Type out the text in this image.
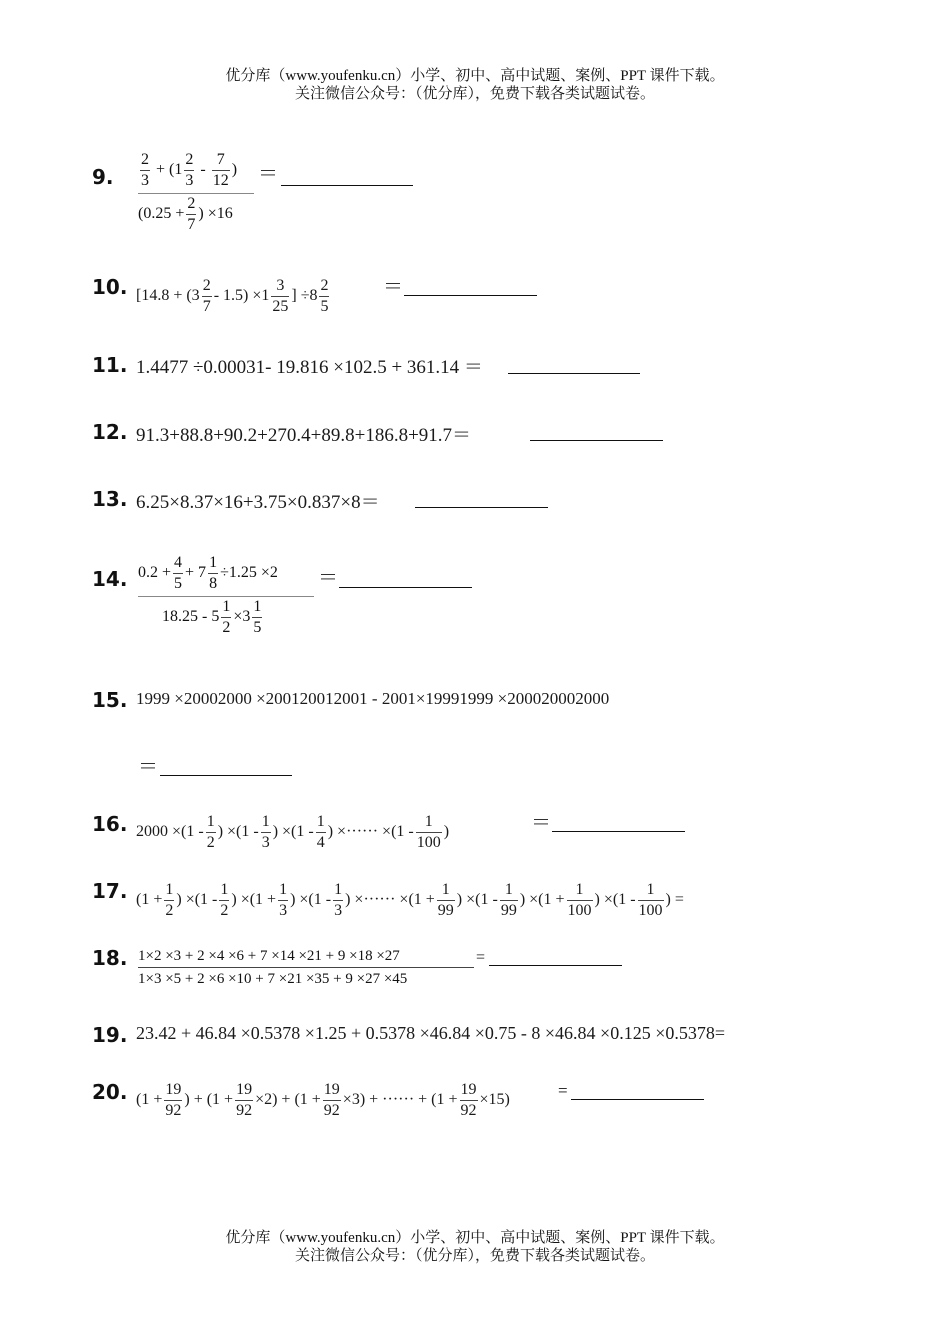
优分库（www.youfenku.cn）小学、初中、高中试题、案例、PPT 课件下载。
关注微信公众号：（优分库），免费下载各类试题试卷。
9. $\frac{2}{3} + (1 \frac{2}{3} - \frac{7}{12}$ )
($0.25 + \frac{2}{7}$ ) ×16
＝
10. [$14.8 + (3 \frac{2}{7} - 1.5) \times 1 \frac{3}{25}$ ] $\div 8 \frac{2}{5}$	＝
11. 1.4477 ÷0.00031- 19.816 ×102.5 + 361.14 ＝
12. 91.3+88.8+90.2+270.4+89.8+186.8+91.7＝
13. 6.25×8.37×16+3.75×0.837×8＝
14. $0.2 + \frac{4}{5} + 7 \frac{1}{8} \div 1.25 \times 2$
$18.25 - 5 \frac{1}{2} \times 3 \frac{1}{5}$
＝
15. 1999 ×20002000 ×200120012001 - 2001×19991999 ×200020002000
＝
16. $2000 \times(1 - \frac{1}{2}$ ) $\times(1 - \frac{1}{3}$ ) $\times(1 - \frac{1}{4}$ ) ×······ $\times(1 - \frac{1}{100}$ )	＝
17. ($1 + \frac{1}{2}$ ) $\times(1 - \frac{1}{2}$ ) $\times(1 + \frac{1}{3}$ ) $\times(1 - \frac{1}{3}$ ) ×······ $\times(1 + \frac{1}{99}$ ) $\times(1 - \frac{1}{99}$ ) $\times(1 + \frac{1}{100}$ ) $\times(1 - \frac{1}{100}$ ) =
18. 1×2 ×3 + 2 ×4 ×6 + 7 ×14 ×21 + 9 ×18 ×27
1×3 ×5 + 2 ×6 ×10 + 7 ×21 ×35 + 9 ×27 ×45
=
19. 23.42 + 46.84 ×0.5378 ×1.25 + 0.5378 ×46.84 ×0.75 - 8 ×46.84 ×0.125 ×0.5378=
20. ($1 + \frac{19}{92}$ ) + $(1 + \frac{19}{92} \times 2) + (1 + \frac{19}{92} \times 3)$ + ······ + $(1 + \frac{19}{92} \times 15)$	=
优分库（www.youfenku.cn）小学、初中、高中试题、案例、PPT 课件下载。
关注微信公众号：（优分库），免费下载各类试题试卷。
